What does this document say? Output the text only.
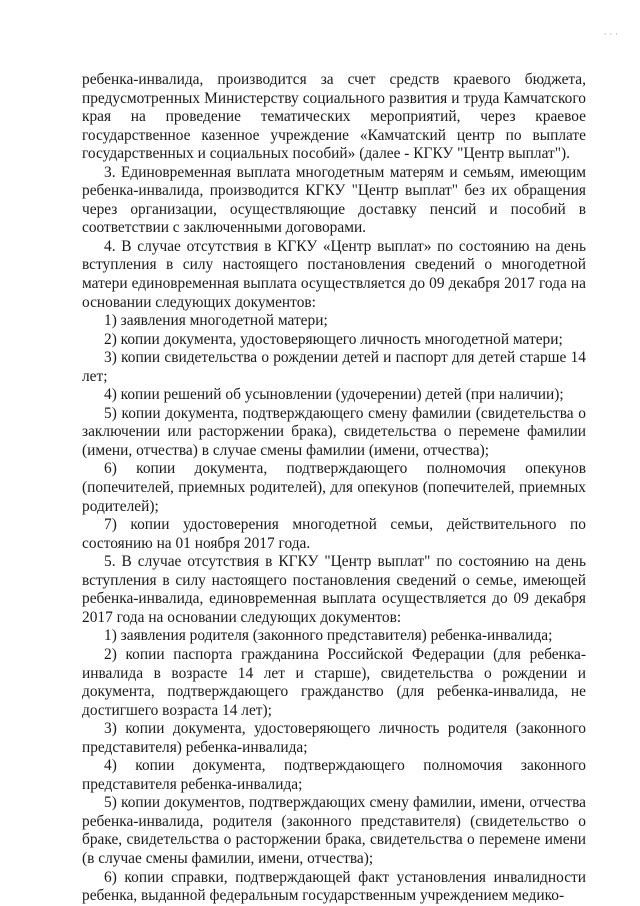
· · ·

ребенка-инвалида, производится за счет средств краевого бюджета, предусмотренных Министерству социального развития и труда Камчатского края на проведение тематических мероприятий, через краевое государственное казенное учреждение «Камчатский центр по выплате государственных и социальных пособий» (далее - КГКУ "Центр выплат").

3. Единовременная выплата многодетным матерям и семьям, имеющим ребенка-инвалида, производится КГКУ "Центр выплат" без их обращения через организации, осуществляющие доставку пенсий и пособий в соответствии с заключенными договорами.

4. В случае отсутствия в КГКУ «Центр выплат» по состоянию на день вступления в силу настоящего постановления сведений о многодетной матери единовременная выплата осуществляется до 09 декабря 2017 года на основании следующих документов:

1) заявления многодетной матери;

2) копии документа, удостоверяющего личность многодетной матери;

3) копии свидетельства о рождении детей и паспорт для детей старше 14 лет;

4) копии решений об усыновлении (удочерении) детей (при наличии);

5) копии документа, подтверждающего смену фамилии (свидетельства о заключении или расторжении брака), свидетельства о перемене фамилии (имени, отчества) в случае смены фамилии (имени, отчества);

6) копии документа, подтверждающего полномочия опекунов (попечителей, приемных родителей), для опекунов (попечителей, приемных родителей);

7) копии удостоверения многодетной семьи, действительного по состоянию на 01 ноября 2017 года.

5. В случае отсутствия в КГКУ "Центр выплат" по состоянию на день вступления в силу настоящего постановления сведений о семье, имеющей ребенка-инвалида, единовременная выплата осуществляется до 09 декабря 2017 года на основании следующих документов:

1) заявления родителя (законного представителя) ребенка-инвалида;

2) копии паспорта гражданина Российской Федерации (для ребенка-инвалида в возрасте 14 лет и старше), свидетельства о рождении и документа, подтверждающего гражданство (для ребенка-инвалида, не достигшего возраста 14 лет);

3) копии документа, удостоверяющего личность родителя (законного представителя) ребенка-инвалида;

4) копии документа, подтверждающего полномочия законного представителя ребенка-инвалида;

5) копии документов, подтверждающих смену фамилии, имени, отчества ребенка-инвалида, родителя (законного представителя) (свидетельство о браке, свидетельства о расторжении брака, свидетельства о перемене имени (в случае смены фамилии, имени, отчества);

6) копии справки, подтверждающей факт установления инвалидности ребенка, выданной федеральным государственным учреждением медико-
